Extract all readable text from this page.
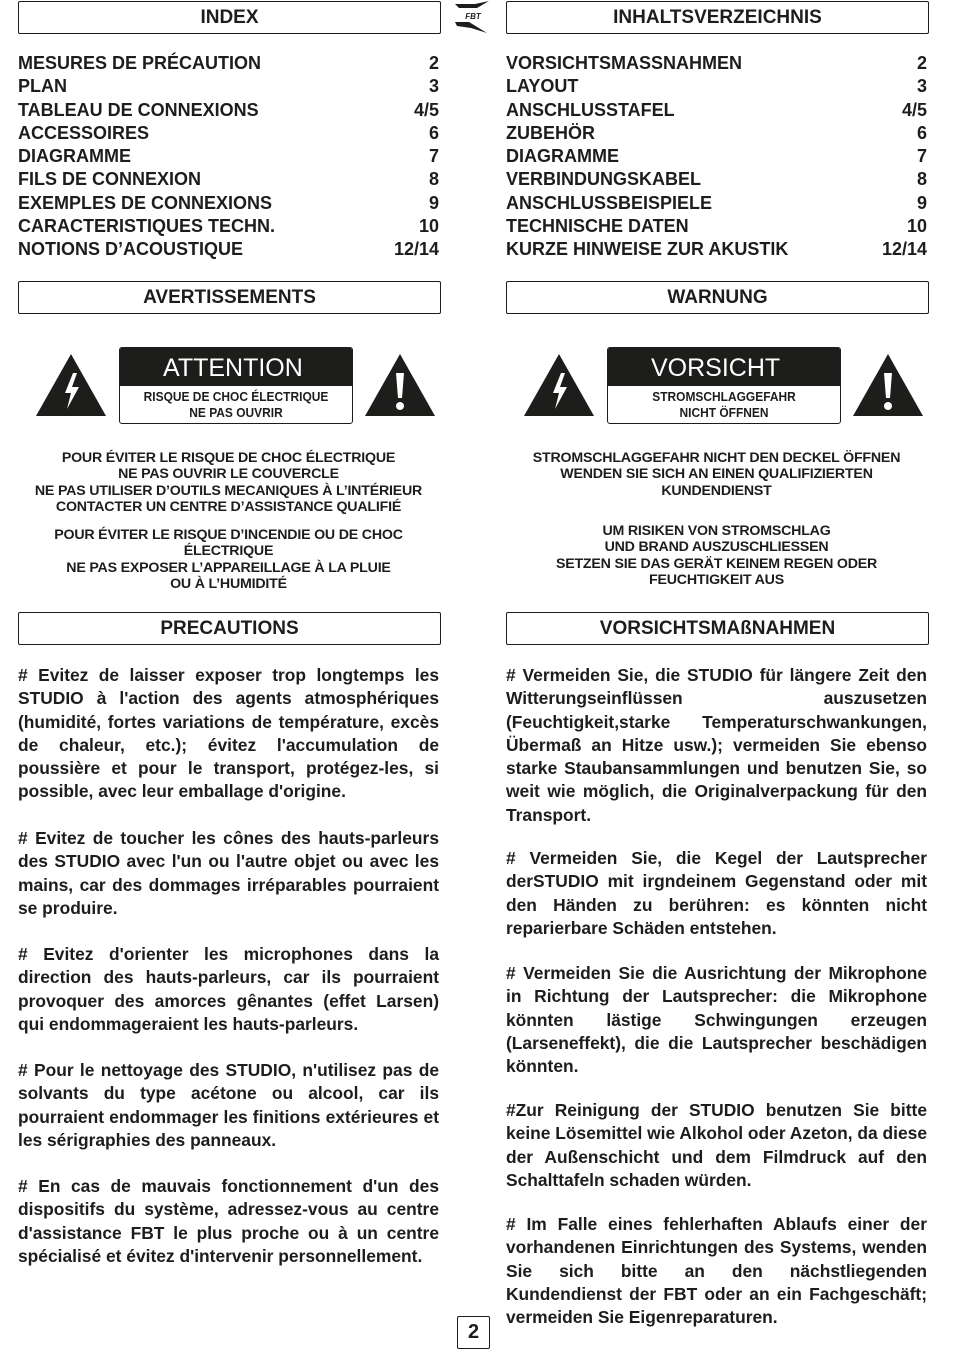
FBT
INDEX
MESURES DE PRÉCAUTION	2
PLAN	3
TABLEAU DE CONNEXIONS	4/5
ACCESSOIRES	6
DIAGRAMME	7
FILS DE CONNEXION	8
EXEMPLES DE CONNEXIONS	9
CARACTERISTIQUES TECHN.	10
NOTIONS D’ACOUSTIQUE	12/14
AVERTISSEMENTS
ATTENTION
RISQUE DE CHOC ÉLECTRIQUE
NE PAS OUVRIR
POUR ÉVITER LE RISQUE DE CHOC ÉLECTRIQUE
NE PAS OUVRIR LE COUVERCLE
NE PAS UTILISER D’OUTILS MECANIQUES À L’INTÉRIEUR
CONTACTER UN CENTRE D’ASSISTANCE QUALIFIÉ
POUR ÉVITER LE RISQUE D’INCENDIE OU DE CHOC ÉLECTRIQUE
NE PAS EXPOSER L’APPAREILLAGE À LA PLUIE
OU À L’HUMIDITÉ
PRECAUTIONS
# Evitez de laisser exposer trop longtemps les STUDIO à l'action des agents atmosphériques (humidité, fortes variations de température, excès de chaleur, etc.); évitez l'accumulation de poussière et pour le transport, protégez-les, si possible, avec leur emballage d'origine.
# Evitez de toucher les cônes des hauts-parleurs des STUDIO avec l'un ou l'autre objet ou avec les mains, car des dommages irréparables pourraient se produire.
# Evitez d'orienter les microphones dans la direction des hauts-parleurs, car ils pourraient provoquer des amorces gênantes (effet Larsen) qui endommageraient les hauts-parleurs.
# Pour le nettoyage des STUDIO, n'utilisez pas de solvants du type acétone ou alcool, car ils pourraient endommager les finitions extérieures et les sérigraphies des panneaux.
# En cas de mauvais fonctionnement d'un des dispositifs du système, adressez-vous au centre d'assistance FBT le plus proche ou à un centre spécialisé et évitez d'intervenir personnellement.
INHALTSVERZEICHNIS
VORSICHTSMASSNAHMEN	2
LAYOUT	3
ANSCHLUSSTAFEL	4/5
ZUBEHÖR	6
DIAGRAMME	7
VERBINDUNGSKABEL	8
ANSCHLUSSBEISPIELE	9
TECHNISCHE DATEN	10
KURZE HINWEISE ZUR AKUSTIK	12/14
WARNUNG
VORSICHT
STROMSCHLAGGEFAHR
NICHT ÖFFNEN
STROMSCHLAGGEFAHR NICHT DEN DECKEL ÖFFNEN
WENDEN SIE SICH AN EINEN QUALIFIZIERTEN KUNDENDIENST
UM RISIKEN VON STROMSCHLAG
UND BRAND AUSZUSCHLIESSEN
SETZEN SIE DAS GERÄT KEINEM REGEN ODER FEUCHTIGKEIT AUS
VORSICHTSMAßNAHMEN
# Vermeiden Sie, die STUDIO für längere Zeit den Witterungseinflüssen auszusetzen (Feuchtigkeit,starke Temperaturschwankungen, Übermaß an Hitze usw.); vermeiden Sie ebenso starke Staubansammlungen und benutzen Sie, so weit wie möglich, die Originalverpackung für den Transport.
# Vermeiden Sie, die Kegel der Lautsprecher derSTUDIO mit irgndeinem Gegenstand oder mit den Händen zu berühren: es könnten nicht reparierbare Schäden entstehen.
# Vermeiden Sie die Ausrichtung der Mikrophone in Richtung der Lautsprecher: die Mikrophone könnten lästige Schwingungen erzeugen (Larseneffekt), die die Lautsprecher beschädigen könnten.
#Zur Reinigung der STUDIO benutzen Sie bitte keine Lösemittel wie Alkohol oder Azeton, da diese der Außenschicht und dem Filmdruck auf den Schalttafeln schaden würden.
# Im Falle eines fehlerhaften Ablaufs einer der vorhandenen Einrichtungen des Systems, wenden Sie sich bitte an den nächstliegenden Kundendienst der FBT oder an ein Fachgeschäft; vermeiden Sie Eigenreparaturen.
2
